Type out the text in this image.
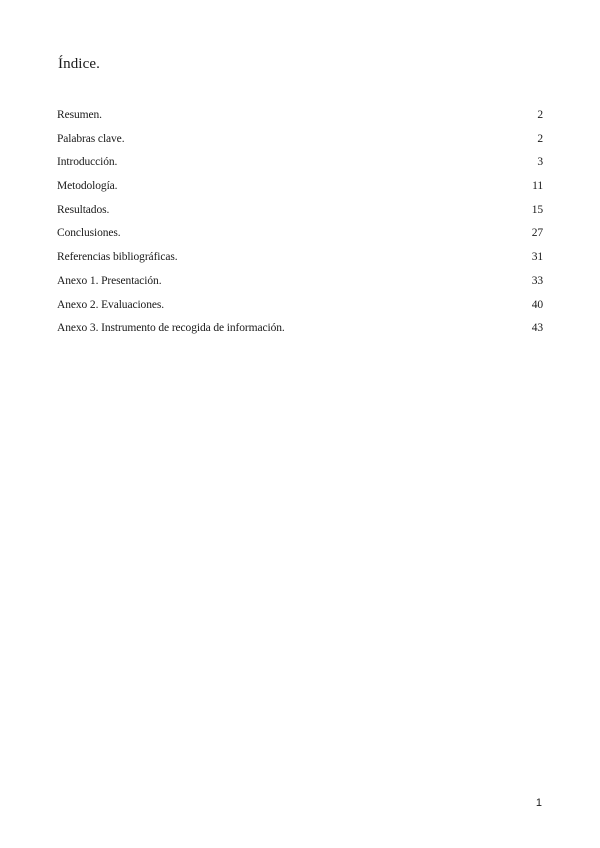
Índice.
Resumen.	2
Palabras clave.	2
Introducción.	3
Metodología.	11
Resultados.	15
Conclusiones.	27
Referencias bibliográficas.	31
Anexo 1. Presentación.	33
Anexo 2. Evaluaciones.	40
Anexo 3. Instrumento de recogida de información.	43
1
